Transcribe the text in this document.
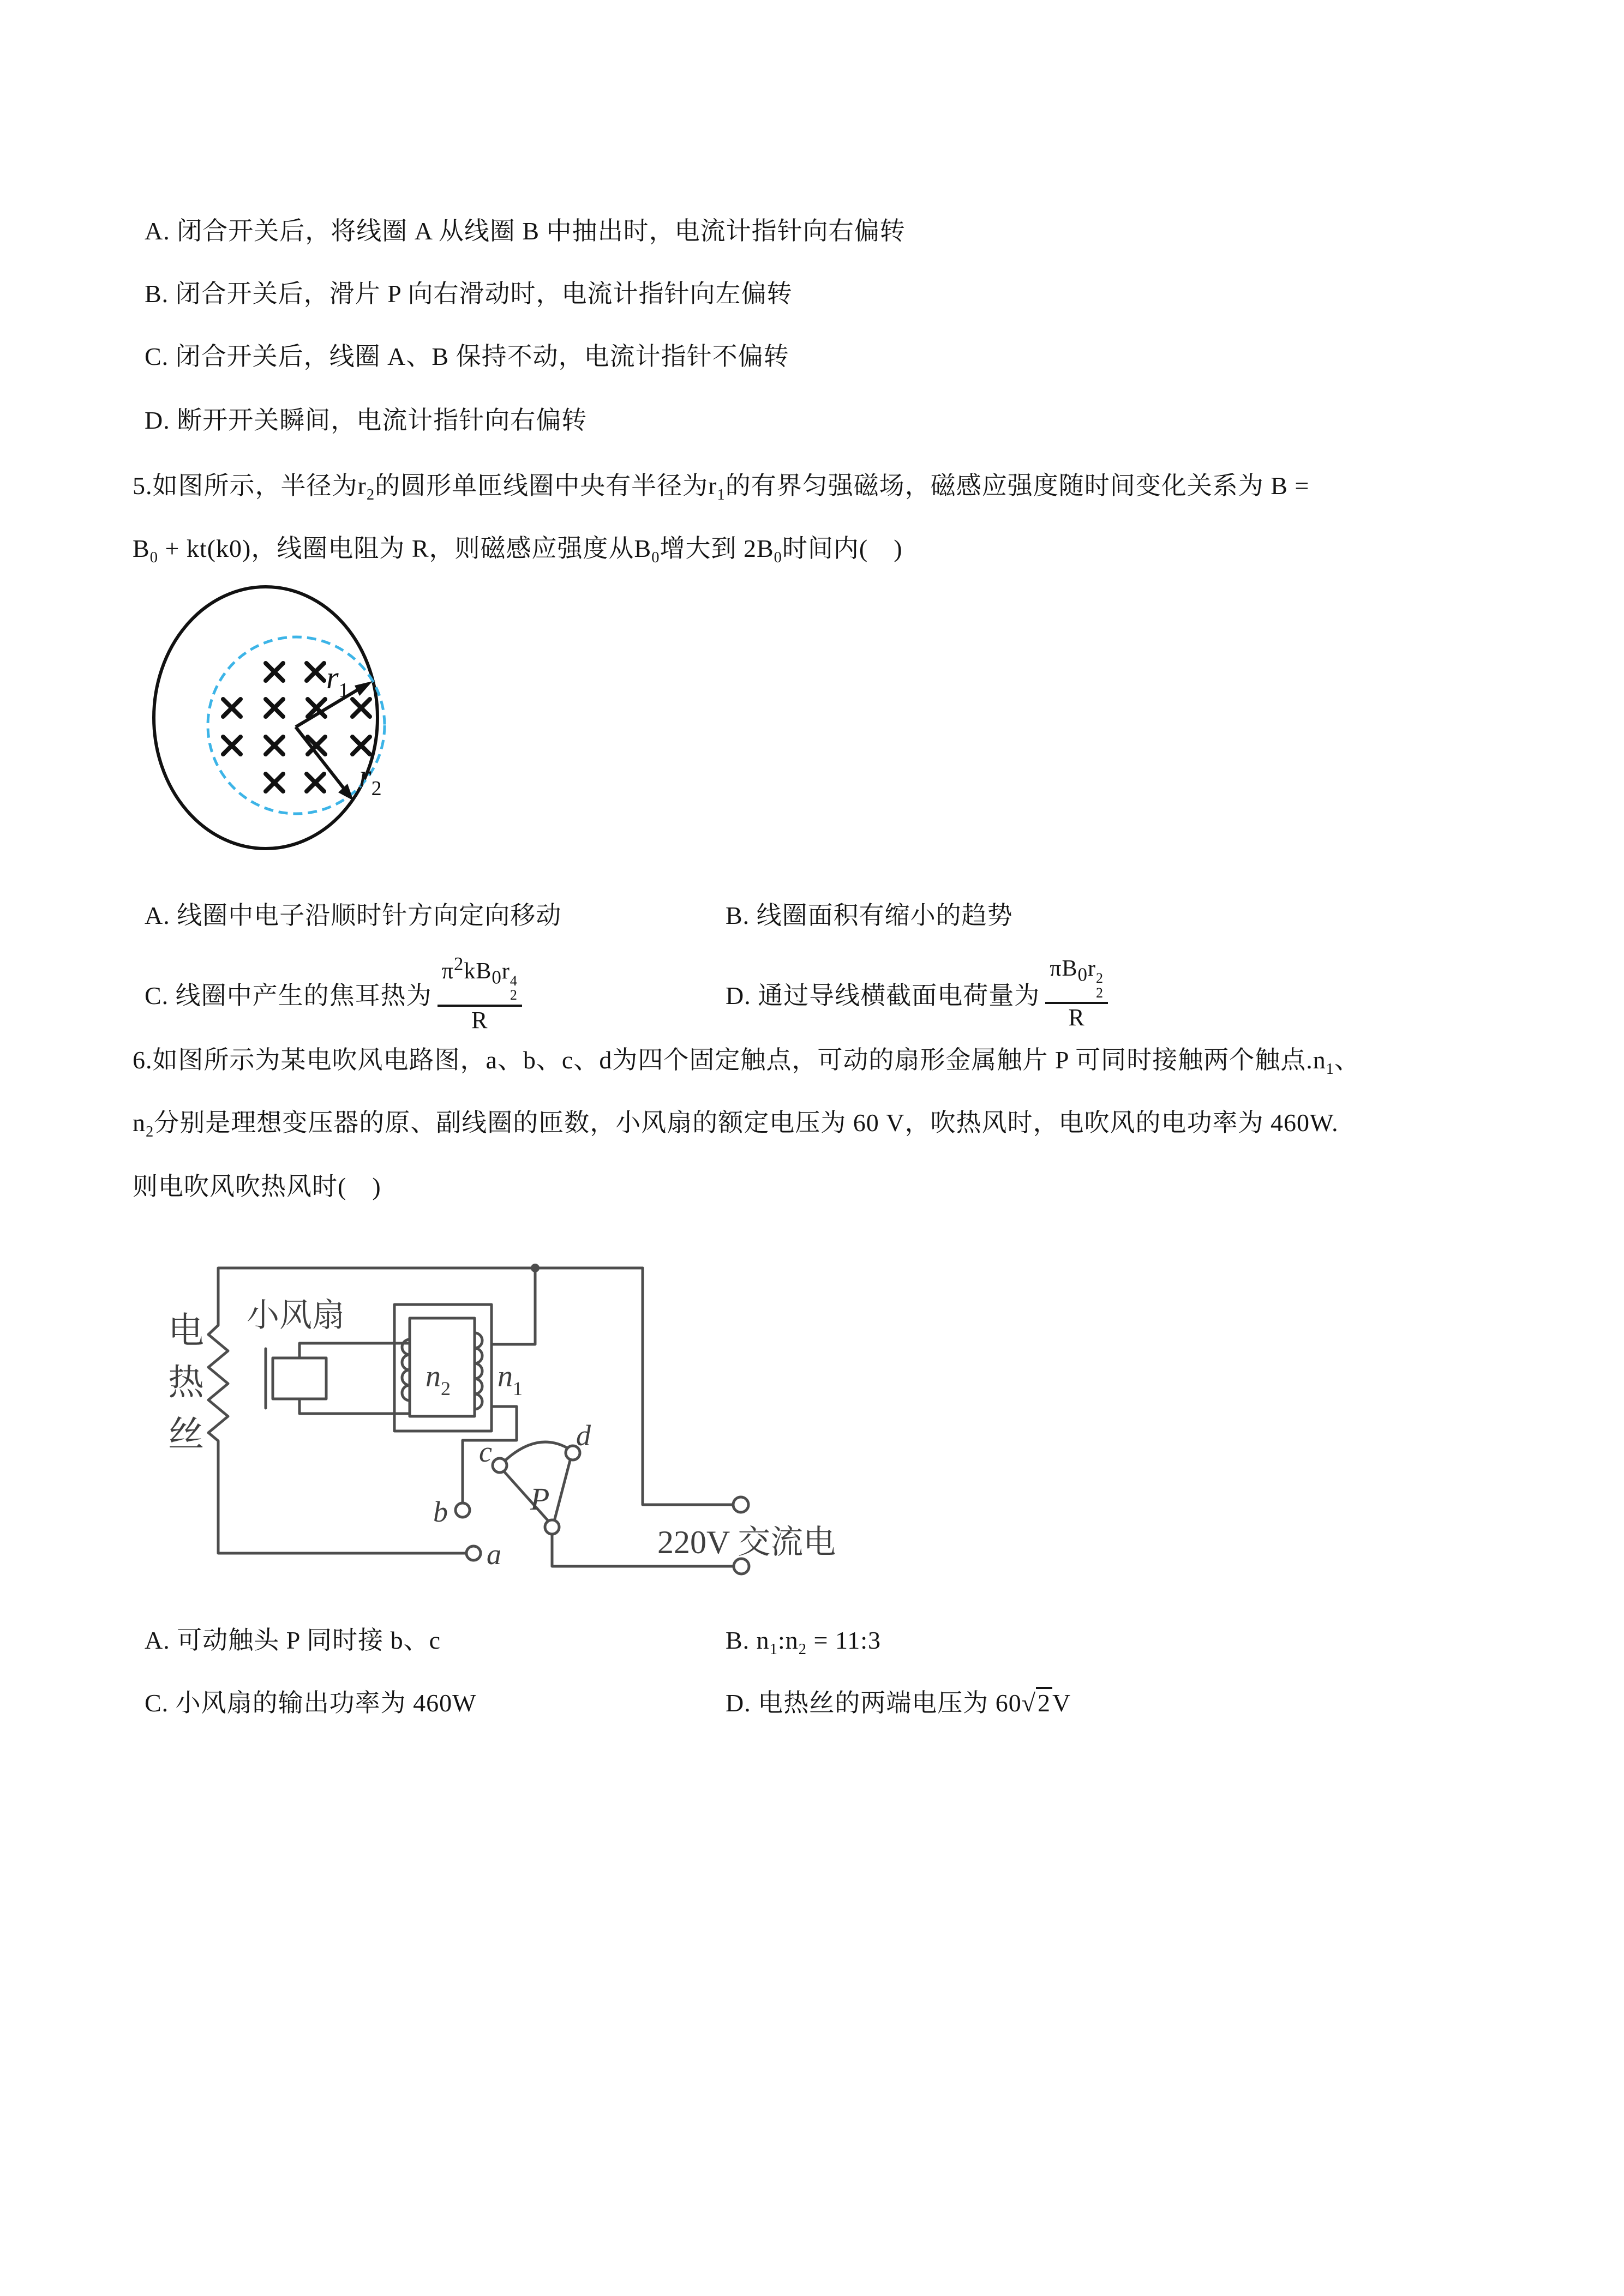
A. 闭合开关后，将线圈 A 从线圈 B 中抽出时，电流计指针向右偏转
B. 闭合开关后，滑片 P 向右滑动时，电流计指针向左偏转
C. 闭合开关后，线圈 A、B 保持不动，电流计指针不偏转
D. 断开开关瞬间，电流计指针向右偏转
5.如图所示，半径为$r_2$的圆形单匝线圈中央有半径为$r_1$的有界匀强磁场，磁感应强度随时间变化关系为 B =
$B_0 + kt(k0)$，线圈电阻为 R，则磁感应强度从$B_0$增大到 $2B_0$时间内(　)
$r_1$
$r_2$
A. 线圈中电子沿顺时针方向定向移动	B. 线圈面积有缩小的趋势
C. 线圈中产生的焦耳热为 $\pi^2kB_0r$ 4
2
R	D. 通过导线横截面电荷量为 $\pi B_0r$ 2
2
R
6.如图所示为某电吹风电路图，a、b、c、d为四个固定触点，可动的扇形金属触片 P 可同时接触两个触点$.n_1$、
$n_2$分别是理想变压器的原、副线圈的匝数，小风扇的额定电压为 60 V，吹热风时，电吹风的电功率为 460W.
则电吹风吹热风时(　)
电
热
丝
小风扇
$n_2$ $n_1$
a
b
c	d
P
220V 交流电
A. 可动触头 P 同时接 b、c	B. $n_1:n_2$ = 11:3
C. 小风扇的输出功率为 460W	D. 电热丝的两端电压为 60√2V
